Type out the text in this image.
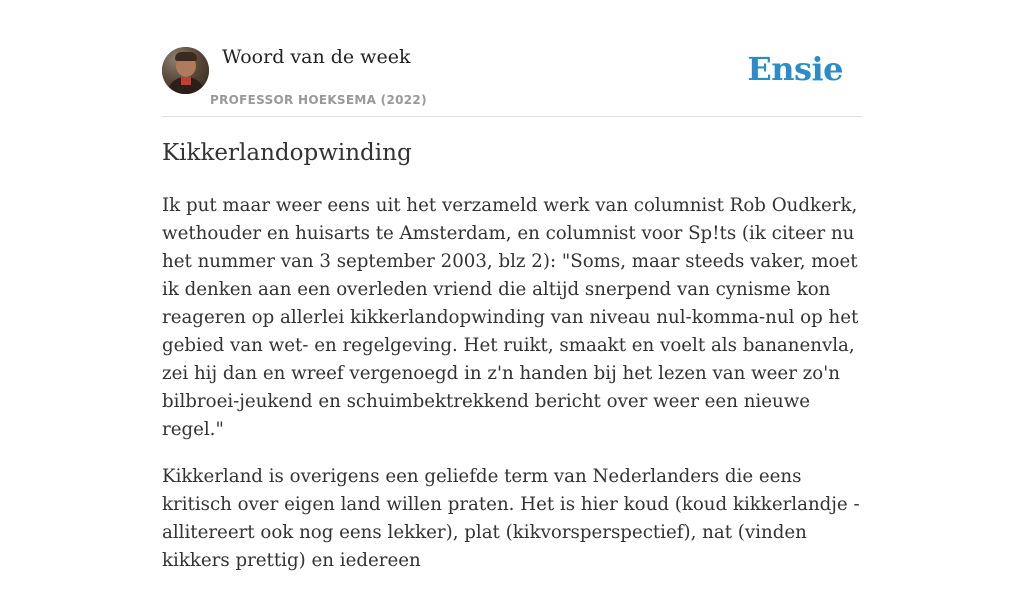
Woord van de week
PROFESSOR HOEKSEMA (2022)
Ensie
Kikkerlandopwinding

Ik put maar weer eens uit het verzameld werk van columnist Rob Oudkerk, wethouder en huisarts te Amsterdam, en columnist voor Sp!ts (ik citeer nu het nummer van 3 september 2003, blz 2): "Soms, maar steeds vaker, moet ik denken aan een overleden vriend die altijd snerpend van cynisme kon reageren op allerlei kikkerlandopwinding van niveau nul-komma-nul op het gebied van wet- en regelgeving. Het ruikt, smaakt en voelt als bananenvla, zei hij dan en wreef vergenoegd in z'n handen bij het lezen van weer zo'n bilbroei-jeukend en schuimbektrekkend bericht over weer een nieuwe regel."

Kikkerland is overigens een geliefde term van Nederlanders die eens kritisch over eigen land willen praten. Het is hier koud (koud kikkerlandje - allitereert ook nog eens lekker), plat (kikvorsperspectief), nat (vinden kikkers prettig) en iedereen
